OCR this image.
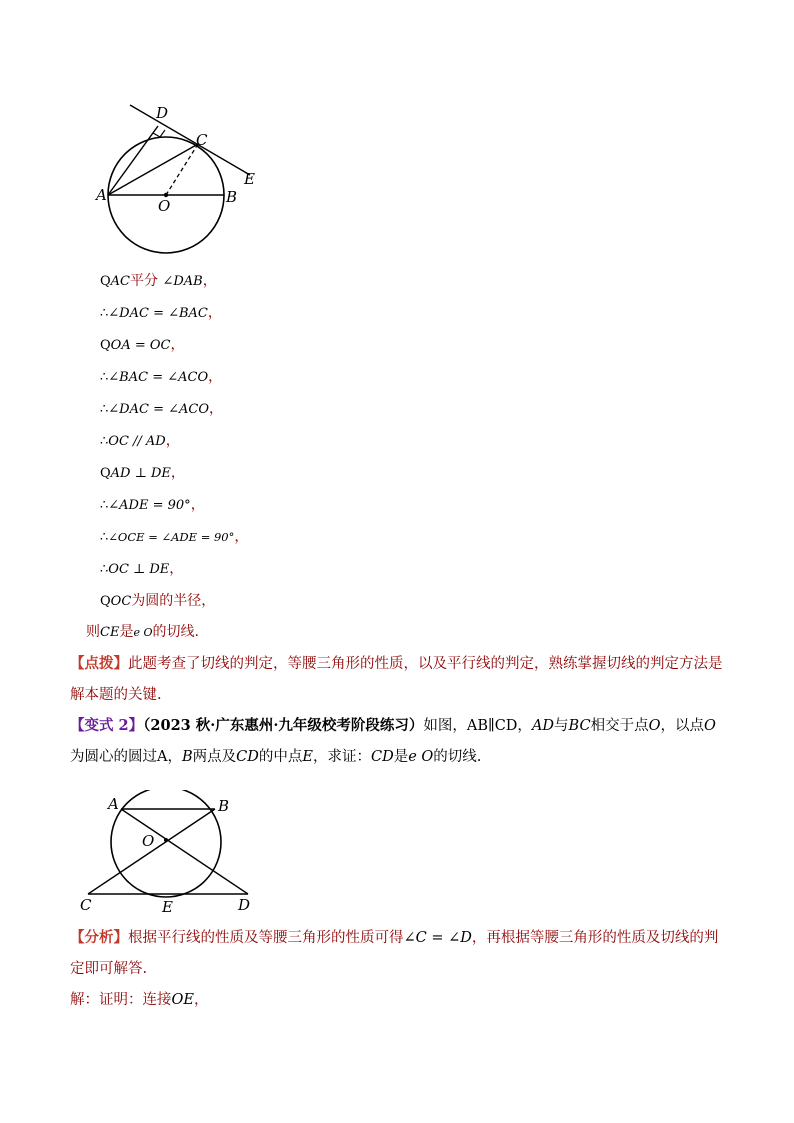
D
C
E
A
O	B
QAC平分 ∠DAB，
∴∠DAC = ∠BAC，
QOA = OC，
∴∠BAC = ∠ACO，
∴∠DAC = ∠ACO，
∴OC // AD，
QAD ⊥ DE，
∴∠ADE = 90°，
∴∠OCE = ∠ADE = 90°，
∴OC ⊥ DE，
QOC为圆的半径，
则CE是e O的切线.
【点拨】此题考查了切线的判定，等腰三角形的性质，以及平行线的判定，熟练掌握切线的判定方法是解本题的关键.
【变式 2】（2023 秋·广东惠州·九年级校考阶段练习）如图，AB∥CD，AD与BC相交于点O，以点O为圆心的圆过A，B两点及CD的中点E，求证：CD是e O的切线.
A	B
O
C	E	D
【分析】根据平行线的性质及等腰三角形的性质可得∠C = ∠D，再根据等腰三角形的性质及切线的判定即可解答.
解：证明：连接OE，
